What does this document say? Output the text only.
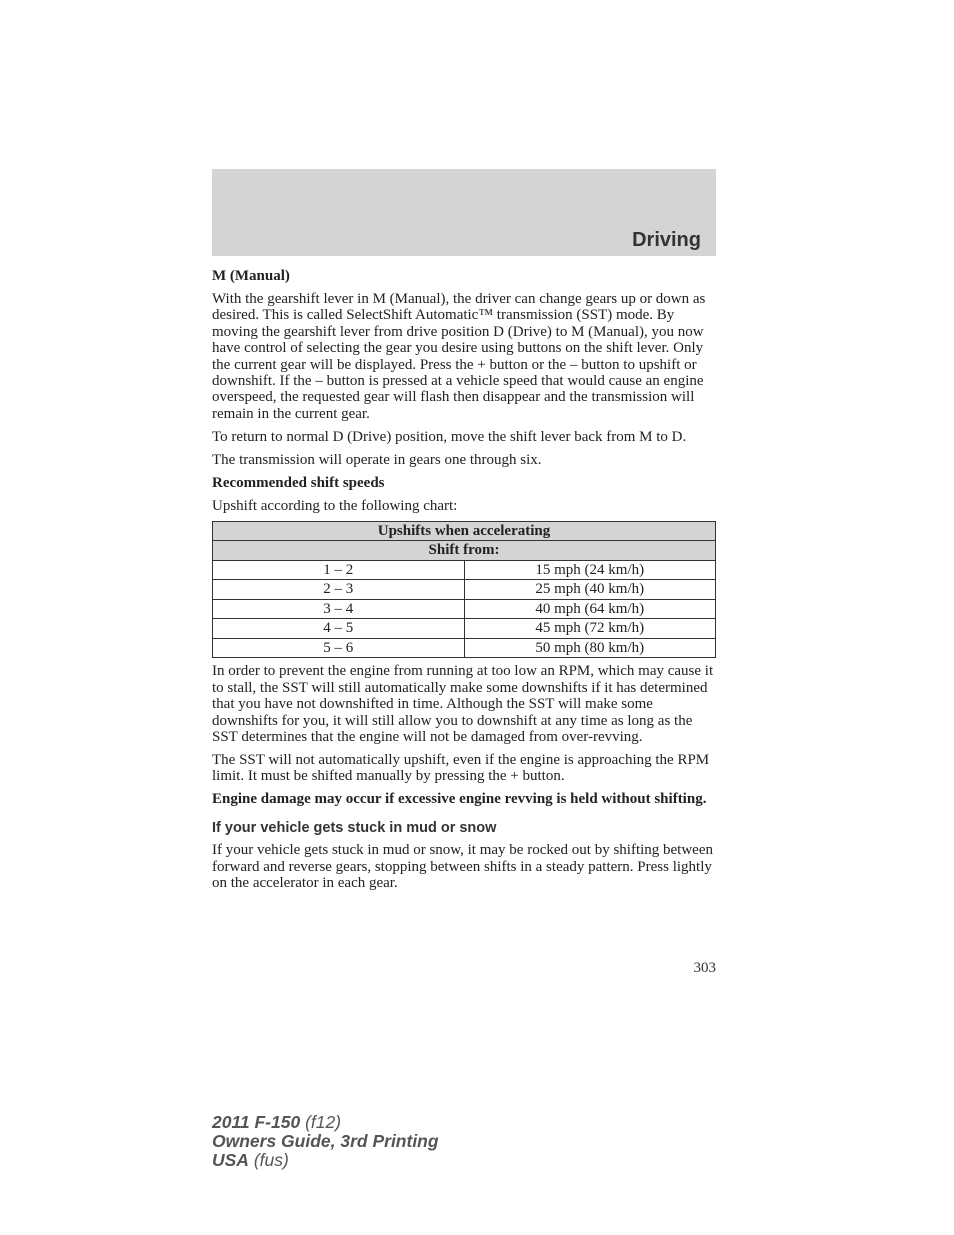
Driving

M (Manual)

With the gearshift lever in M (Manual), the driver can change gears up or down as desired. This is called SelectShift Automatic™ transmission (SST) mode. By moving the gearshift lever from drive position D (Drive) to M (Manual), you now have control of selecting the gear you desire using buttons on the shift lever. Only the current gear will be displayed. Press the + button or the – button to upshift or downshift. If the – button is pressed at a vehicle speed that would cause an engine overspeed, the requested gear will flash then disappear and the transmission will remain in the current gear.

To return to normal D (Drive) position, move the shift lever back from M to D.

The transmission will operate in gears one through six.

Recommended shift speeds

Upshift according to the following chart:

Upshifts when accelerating	
Shift from:	
1 – 2	15 mph (24 km/h)
2 – 3	25 mph (40 km/h)
3 – 4	40 mph (64 km/h)
4 – 5	45 mph (72 km/h)
5 – 6	50 mph (80 km/h)

In order to prevent the engine from running at too low an RPM, which may cause it to stall, the SST will still automatically make some downshifts if it has determined that you have not downshifted in time. Although the SST will make some downshifts for you, it will still allow you to downshift at any time as long as the SST determines that the engine will not be damaged from over-revving.

The SST will not automatically upshift, even if the engine is approaching the RPM limit. It must be shifted manually by pressing the + button.

Engine damage may occur if excessive engine revving is held without shifting.

If your vehicle gets stuck in mud or snow

If your vehicle gets stuck in mud or snow, it may be rocked out by shifting between forward and reverse gears, stopping between shifts in a steady pattern. Press lightly on the accelerator in each gear.

303
2011 F-150 (f12)
Owners Guide, 3rd Printing
USA (fus)
